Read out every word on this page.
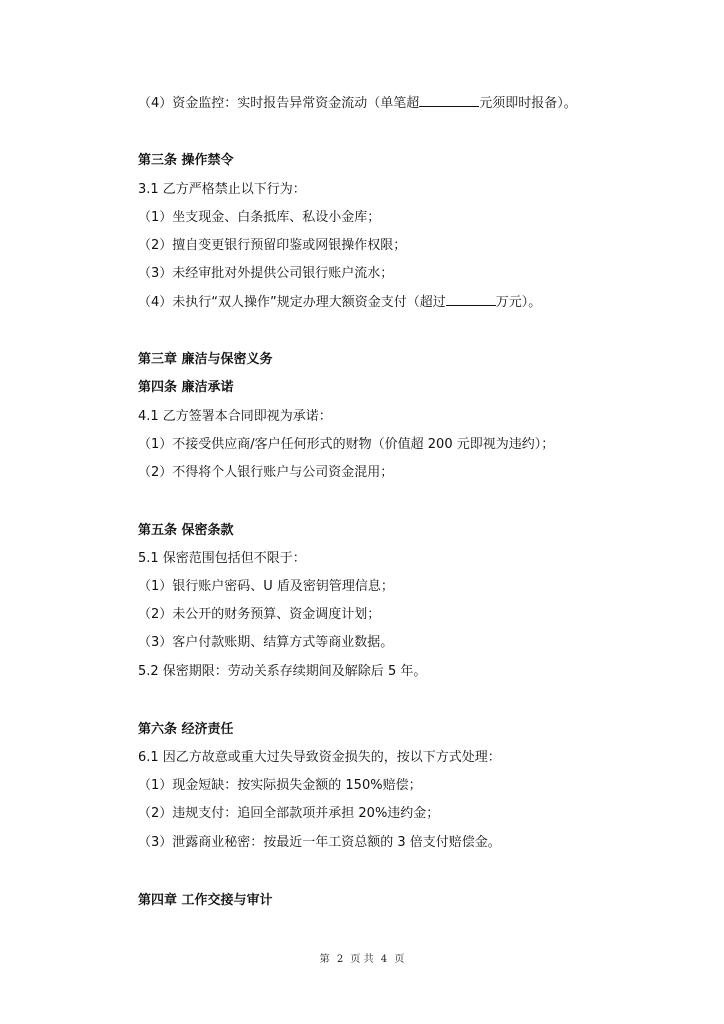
（4）资金监控：实时报告异常资金流动（单笔超	元须即时报备）。
第三条 操作禁令
3.1 乙方严格禁止以下行为：
（1）坐支现金、白条抵库、私设小金库；
（2）擅自变更银行预留印鉴或网银操作权限；
（3）未经审批对外提供公司银行账户流水；
（4）未执行“双人操作”规定办理大额资金支付（超过	万元）。
第三章 廉洁与保密义务
第四条 廉洁承诺
4.1 乙方签署本合同即视为承诺：
（1）不接受供应商/客户任何形式的财物（价值超 200 元即视为违约）；
（2）不得将个人银行账户与公司资金混用；
第五条 保密条款
5.1 保密范围包括但不限于：
（1）银行账户密码、U 盾及密钥管理信息；
（2）未公开的财务预算、资金调度计划；
（3）客户付款账期、结算方式等商业数据。
5.2 保密期限：劳动关系存续期间及解除后 5 年。
第六条 经济责任
6.1 因乙方故意或重大过失导致资金损失的，按以下方式处理：
（1）现金短缺：按实际损失金额的 150%赔偿；
（2）违规支付：追回全部款项并承担 20%违约金；
（3）泄露商业秘密：按最近一年工资总额的 3 倍支付赔偿金。
第四章 工作交接与审计
第 2 页 共 4 页
